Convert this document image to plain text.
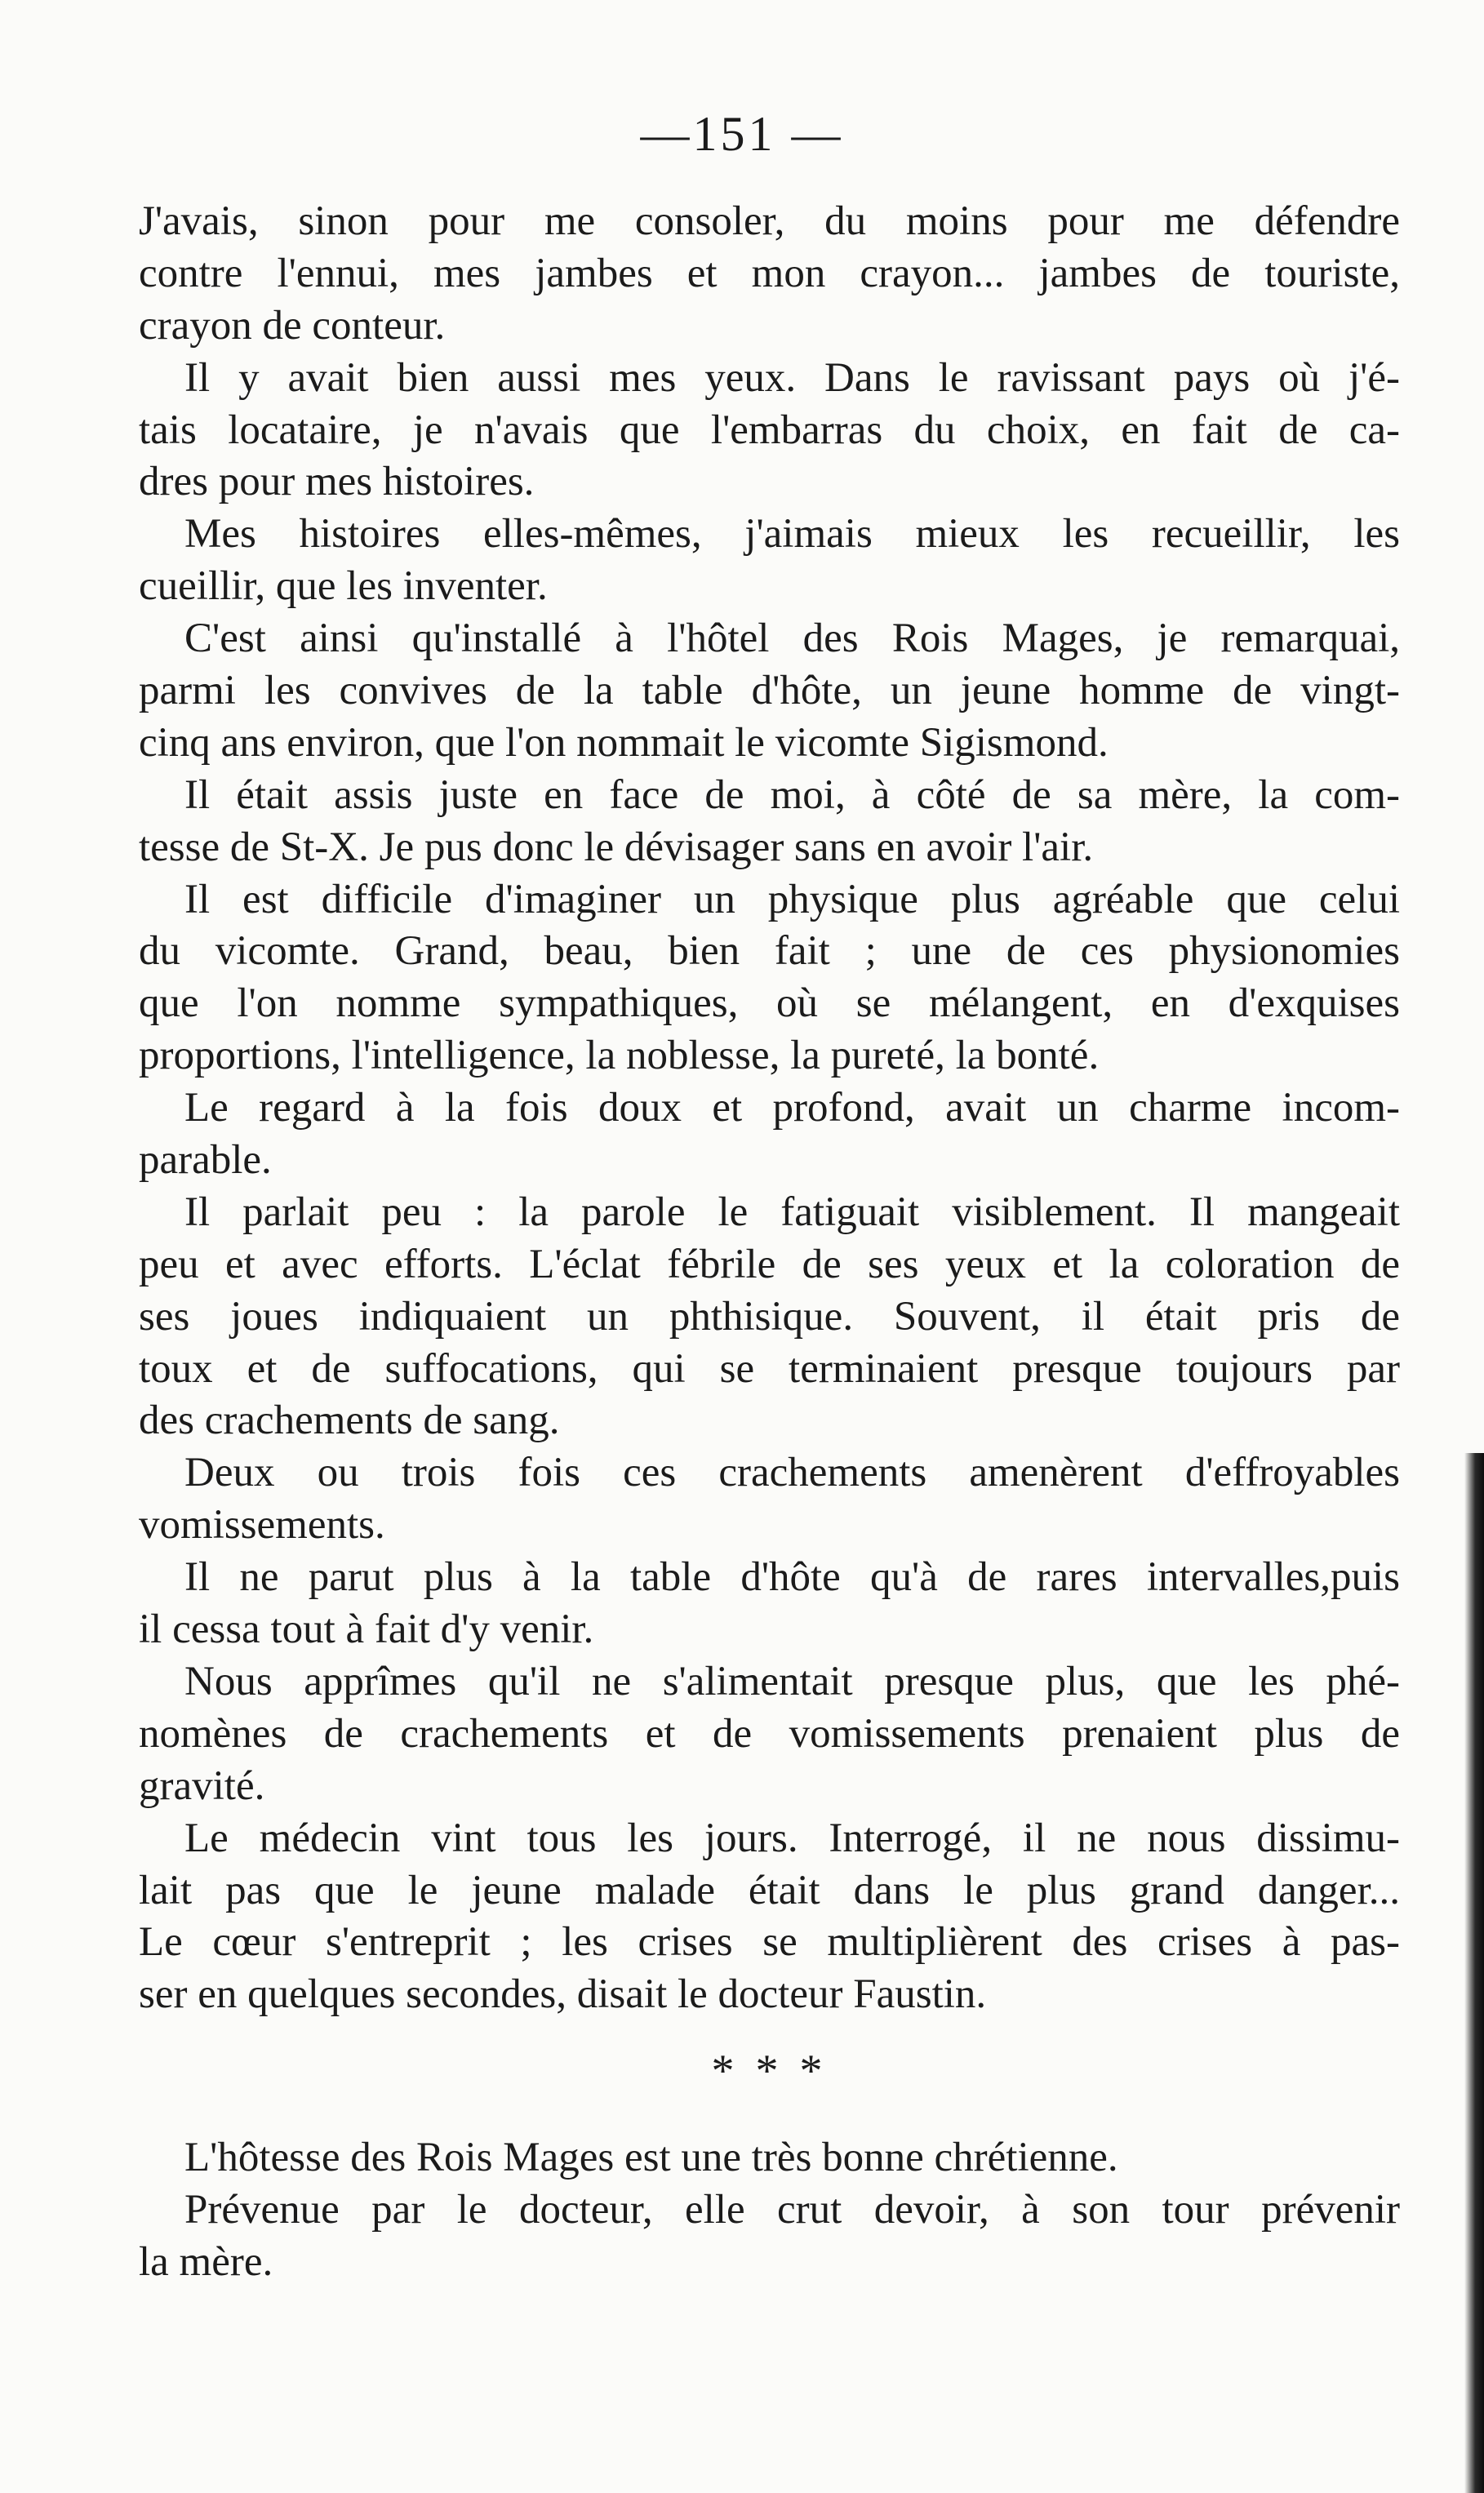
—151 —
J'avais, sinon pour me consoler, du moins pour me défendre
contre l'ennui, mes jambes et mon crayon... jambes de touriste,
crayon de conteur.
Il y avait bien aussi mes yeux. Dans le ravissant pays où j'é-
tais locataire, je n'avais que l'embarras du choix, en fait de ca-
dres pour mes histoires.
Mes histoires elles-mêmes, j'aimais mieux les recueillir, les
cueillir, que les inventer.
C'est ainsi qu'installé à l'hôtel des Rois Mages, je remarquai,
parmi les convives de la table d'hôte, un jeune homme de vingt-
cinq ans environ, que l'on nommait le vicomte Sigismond.
Il était assis juste en face de moi, à côté de sa mère, la com-
tesse de St-X. Je pus donc le dévisager sans en avoir l'air.
Il est difficile d'imaginer un physique plus agréable que celui
du vicomte. Grand, beau, bien fait ; une de ces physionomies
que l'on nomme sympathiques, où se mélangent, en d'exquises
proportions, l'intelligence, la noblesse, la pureté, la bonté.
Le regard à la fois doux et profond, avait un charme incom-
parable.
Il parlait peu : la parole le fatiguait visiblement. Il mangeait
peu et avec efforts. L'éclat fébrile de ses yeux et la coloration de
ses joues indiquaient un phthisique. Souvent, il était pris de
toux et de suffocations, qui se terminaient presque toujours par
des crachements de sang.
Deux ou trois fois ces crachements amenèrent d'effroyables
vomissements.
Il ne parut plus à la table d'hôte qu'à de rares intervalles,puis
il cessa tout à fait d'y venir.
Nous apprîmes qu'il ne s'alimentait presque plus, que les phé-
nomènes de crachements et de vomissements prenaient plus de
gravité.
Le médecin vint tous les jours. Interrogé, il ne nous dissimu-
lait pas que le jeune malade était dans le plus grand danger...
Le cœur s'entreprit ; les crises se multiplièrent des crises à pas-
ser en quelques secondes, disait le docteur Faustin.
* * *
L'hôtesse des Rois Mages est une très bonne chrétienne.
Prévenue par le docteur, elle crut devoir, à son tour prévenir
la mère.
